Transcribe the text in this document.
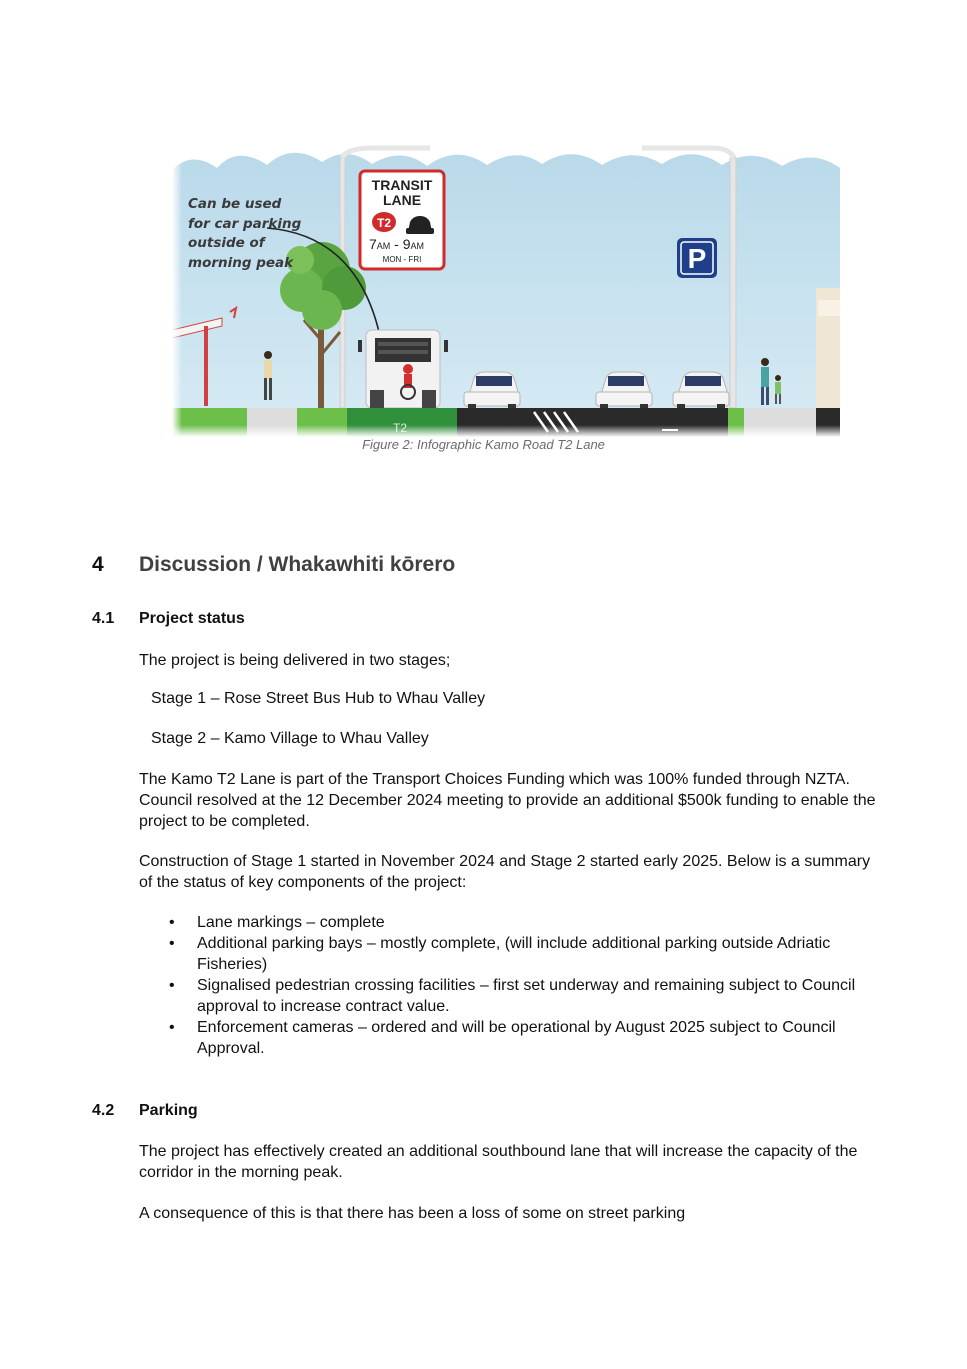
Can be used
for car parking
outside of
morning peak
TRANSIT
LANE
T2
7AM - 9AM
MON - FRI	P
Figure 2: Infographic Kamo Road T2 Lane
4 Discussion / Whakawhiti kōrero
4.1 Project status
The project is being delivered in two stages;
Stage 1 – Rose Street Bus Hub to Whau Valley
Stage 2 – Kamo Village to Whau Valley
The Kamo T2 Lane is part of the Transport Choices Funding which was 100% funded through NZTA. Council resolved at the 12 December 2024 meeting to provide an additional $500k funding to enable the project to be completed.
Construction of Stage 1 started in November 2024 and Stage 2 started early 2025. Below is a summary of the status of key components of the project:
• Lane markings – complete
• Additional parking bays – mostly complete, (will include additional parking outside Adriatic Fisheries)
• Signalised pedestrian crossing facilities – first set underway and remaining subject to Council approval to increase contract value.
• Enforcement cameras – ordered and will be operational by August 2025 subject to Council Approval.
4.2 Parking
The project has effectively created an additional southbound lane that will increase the capacity of the corridor in the morning peak.
A consequence of this is that there has been a loss of some on street parking
